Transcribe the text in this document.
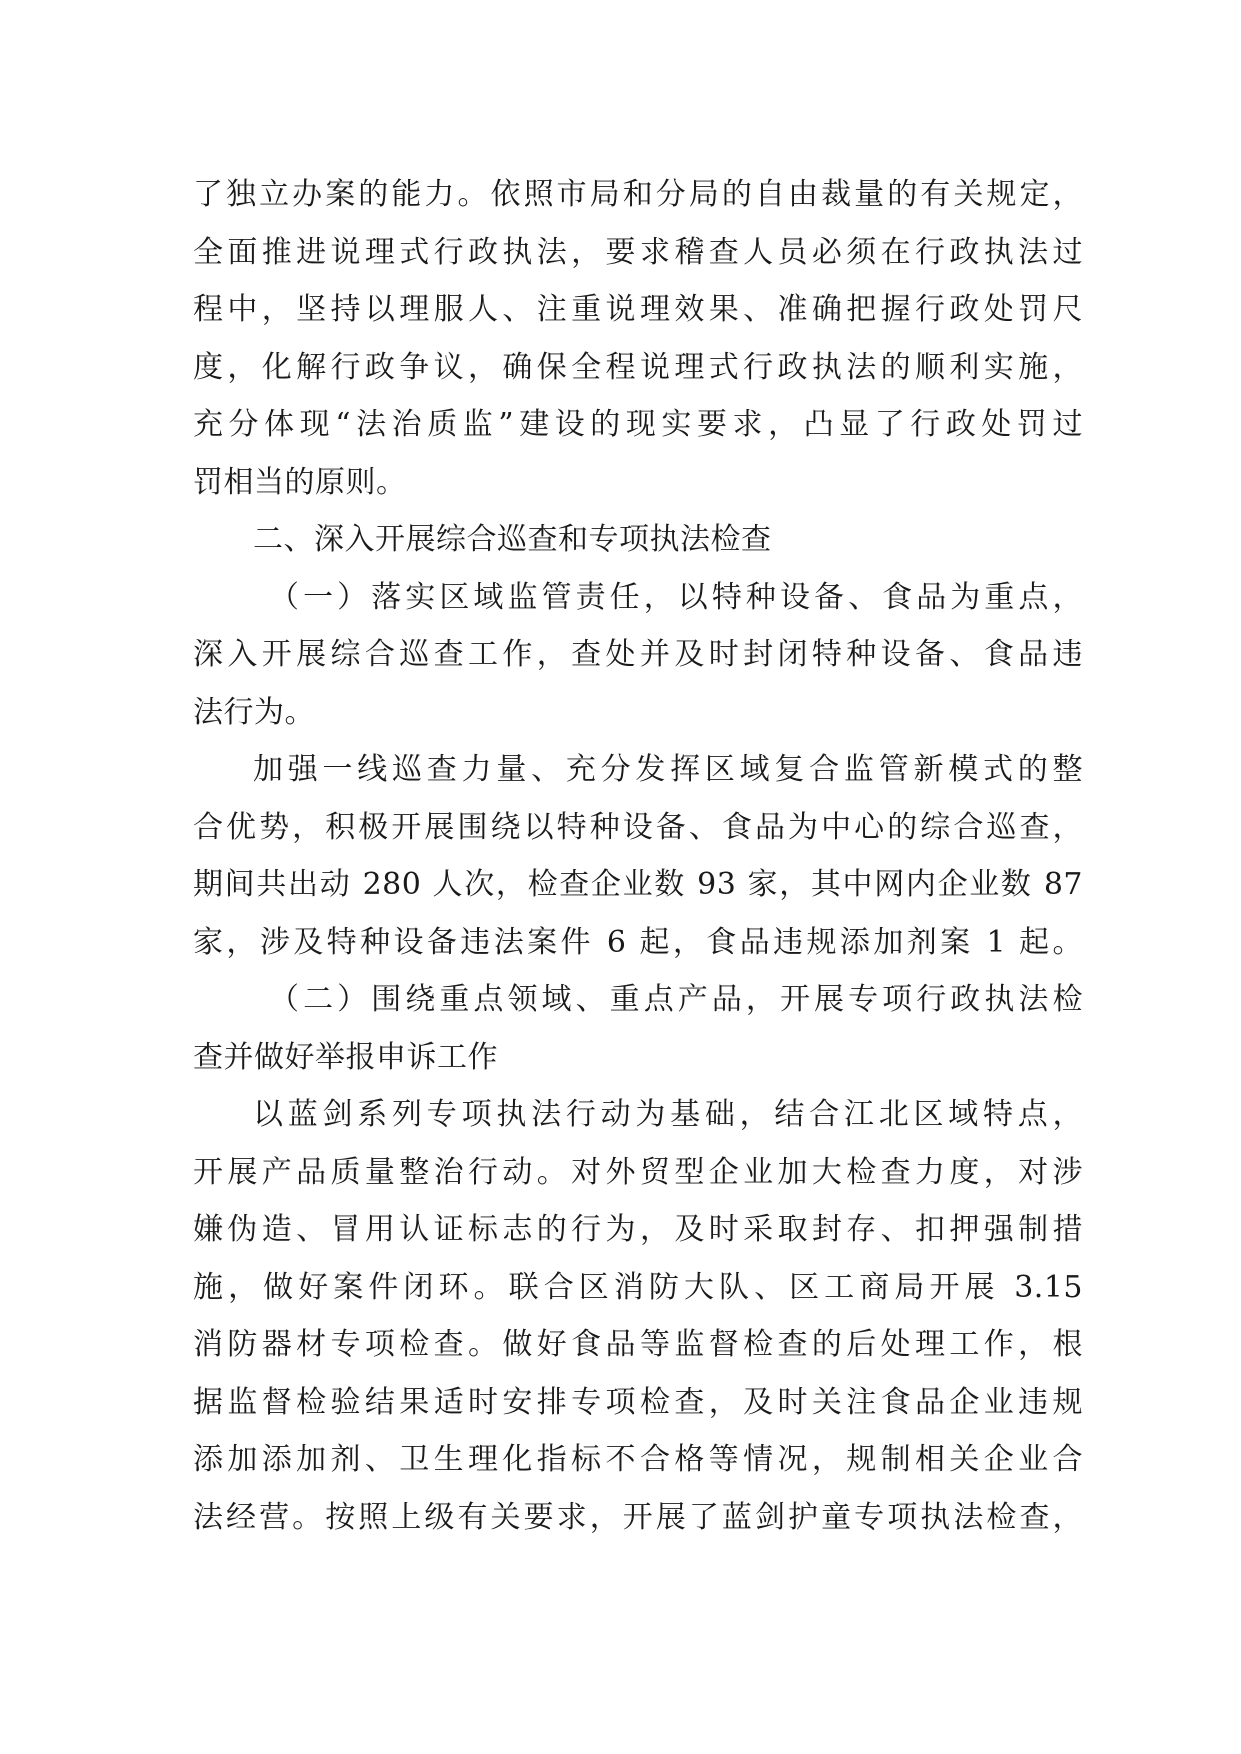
了独立办案的能力。依照市局和分局的自由裁量的有关规定，
全面推进说理式行政执法，要求稽查人员必须在行政执法过
程中，坚持以理服人、注重说理效果、准确把握行政处罚尺
度，化解行政争议，确保全程说理式行政执法的顺利实施，
充分体现“法治质监”建设的现实要求，凸显了行政处罚过
罚相当的原则。
二、深入开展综合巡查和专项执法检查
（一）落实区域监管责任，以特种设备、食品为重点，
深入开展综合巡查工作，查处并及时封闭特种设备、食品违
法行为。
加强一线巡查力量、充分发挥区域复合监管新模式的整
合优势，积极开展围绕以特种设备、食品为中心的综合巡查，
期间共出动 280 人次，检查企业数 93 家，其中网内企业数 87
家，涉及特种设备违法案件 6 起，食品违规添加剂案 1 起。
（二）围绕重点领域、重点产品，开展专项行政执法检
查并做好举报申诉工作
以蓝剑系列专项执法行动为基础，结合江北区域特点，
开展产品质量整治行动。对外贸型企业加大检查力度，对涉
嫌伪造、冒用认证标志的行为，及时采取封存、扣押强制措
施，做好案件闭环。联合区消防大队、区工商局开展 3.15
消防器材专项检查。做好食品等监督检查的后处理工作，根
据监督检验结果适时安排专项检查，及时关注食品企业违规
添加添加剂、卫生理化指标不合格等情况，规制相关企业合
法经营。按照上级有关要求，开展了蓝剑护童专项执法检查，
